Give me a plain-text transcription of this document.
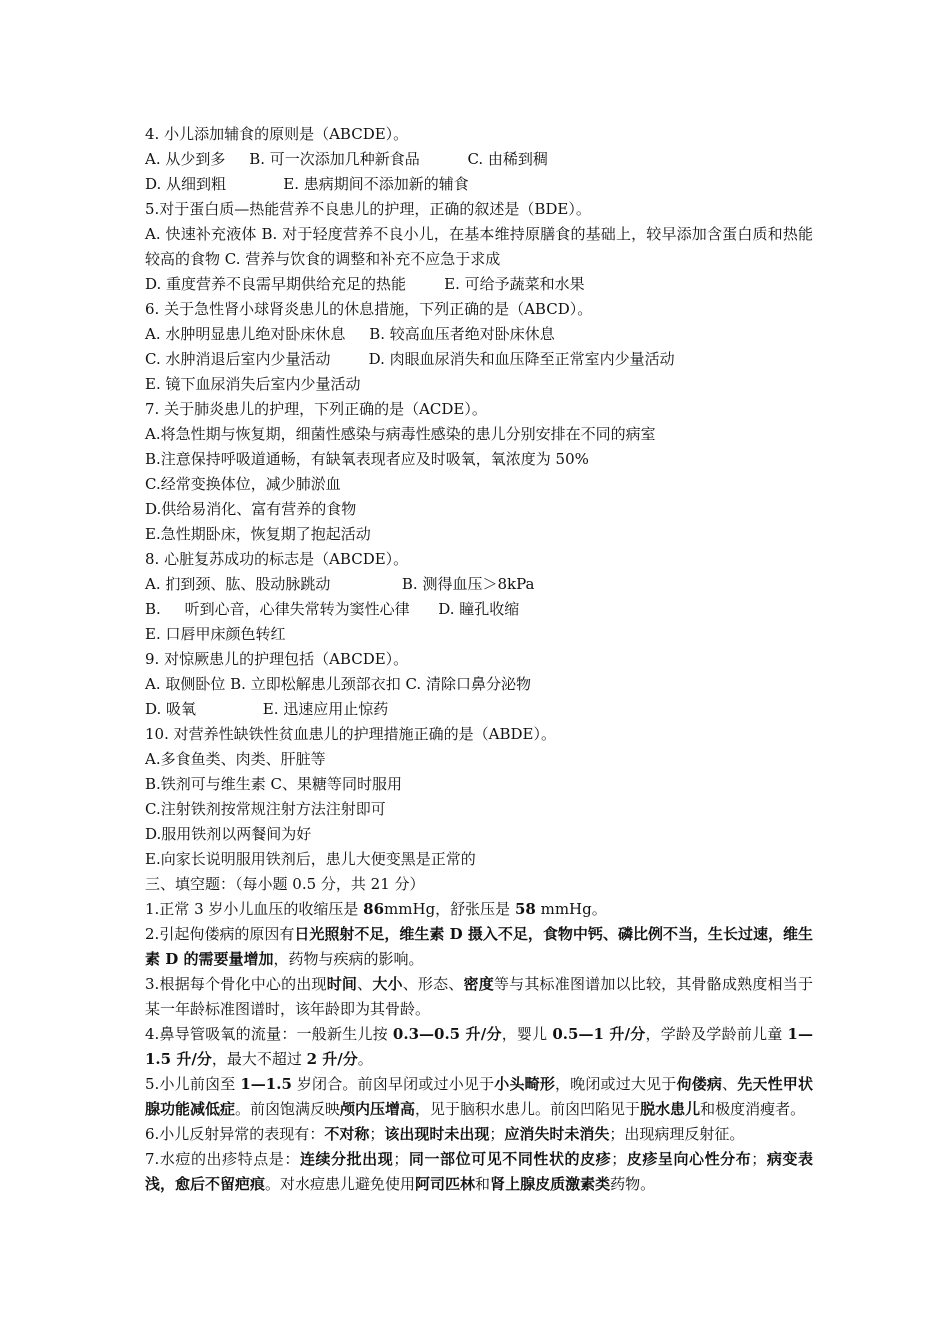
4. 小儿添加辅食的原则是（ABCDE）。
A. 从少到多     B. 可一次添加几种新食品          C. 由稀到稠
D. 从细到粗            E. 患病期间不添加新的辅食
5.对于蛋白质—热能营养不良患儿的护理，正确的叙述是（BDE）。
A. 快速补充液体 B. 对于轻度营养不良小儿，在基本维持原膳食的基础上，较早添加含蛋白质和热能较高的食物 C. 营养与饮食的调整和补充不应急于求成
D. 重度营养不良需早期供给充足的热能        E. 可给予蔬菜和水果
6. 关于急性肾小球肾炎患儿的休息措施，下列正确的是（ABCD）。
A. 水肿明显患儿绝对卧床休息     B. 较高血压者绝对卧床休息
C. 水肿消退后室内少量活动        D. 肉眼血尿消失和血压降至正常室内少量活动
E. 镜下血尿消失后室内少量活动
7. 关于肺炎患儿的护理，下列正确的是（ACDE）。
A.将急性期与恢复期，细菌性感染与病毒性感染的患儿分别安排在不同的病室
B.注意保持呼吸道通畅，有缺氧表现者应及时吸氧，氧浓度为 50%
C.经常变换体位，减少肺淤血
D.供给易消化、富有营养的食物
E.急性期卧床，恢复期了抱起活动
8. 心脏复苏成功的标志是（ABCDE）。
A. 扪到颈、肱、股动脉跳动               B. 测得血压＞8kPa
B.     听到心音，心律失常转为窦性心律      D. 瞳孔收缩
E. 口唇甲床颜色转红
9. 对惊厥患儿的护理包括（ABCDE）。
A. 取侧卧位 B. 立即松解患儿颈部衣扣 C. 清除口鼻分泌物
D. 吸氧              E. 迅速应用止惊药
10. 对营养性缺铁性贫血患儿的护理措施正确的是（ABDE）。
A.多食鱼类、肉类、肝脏等
B.铁剂可与维生素 C、果糖等同时服用
C.注射铁剂按常规注射方法注射即可
D.服用铁剂以两餐间为好
E.向家长说明服用铁剂后，患儿大便变黑是正常的
三、填空题：（每小题 0.5 分，共 21 分）
1.正常 3 岁小儿血压的收缩压是 86mmHg，舒张压是 58 mmHg。
2.引起佝偻病的原因有日光照射不足，维生素 D 摄入不足，食物中钙、磷比例不当，生长过速，维生素 D 的需要量增加，药物与疾病的影响。
3.根据每个骨化中心的出现时间、大小、形态、密度等与其标准图谱加以比较，其骨骼成熟度相当于某一年龄标准图谱时，该年龄即为其骨龄。
4.鼻导管吸氧的流量：一般新生儿按 0.3—0.5 升/分，婴儿 0.5—1 升/分，学龄及学龄前儿童 1—1.5 升/分，最大不超过 2 升/分。
5.小儿前囟至 1—1.5 岁闭合。前囟早闭或过小见于小头畸形，晚闭或过大见于佝偻病、先天性甲状腺功能减低症。前囟饱满反映颅内压增高，见于脑积水患儿。前囟凹陷见于脱水患儿和极度消瘦者。
6.小儿反射异常的表现有：不对称；该出现时未出现；应消失时未消失；出现病理反射征。
7.水痘的出疹特点是：连续分批出现；同一部位可见不同性状的皮疹；皮疹呈向心性分布；病变表浅，愈后不留疤痕。对水痘患儿避免使用阿司匹林和肾上腺皮质激素类药物。
